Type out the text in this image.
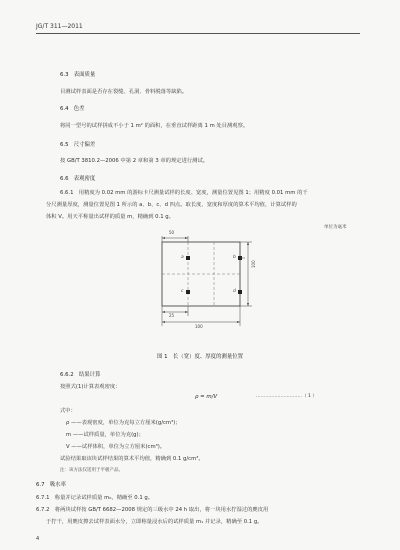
JG/T 311—2011
6.3 表面质量
目测试样表面是否存在裂缝、孔洞、骨料脱落等缺陷。
6.4 色差
将同一型号的试样拼成不小于 1 m² 的面积，在垂直试样距离 1 m 处目测观察。
6.5 尺寸偏差
按 GB/T 3810.2—2006 中第 2 章和第 3 章的规定进行测试。
6.6 表观密度
6.6.1　用精度为 0.02 mm 的游标卡尺测量试样的长度、宽度，测量位置见图 1；用精度 0.01 mm 的千
分尺测量厚度，测量位置见图 1 所示的 a、b、c、d 四点。取长度、宽度和厚度的算术平均值，计算试样的
体积 V。用天平称量出试样的质量 m，精确到 0.1 g。
单位为毫米
a	b
c	d
50
100
100
25
图 1　长（宽）度、厚度的测量位置
6.6.2 结果计算
按照式(1)计算表观密度：
ρ = m/V	…………………………（ 1 ）
式中：
ρ ——表观密度，单位为克每立方厘米(g/cm³)；
m ——试样质量，单位为克(g)；
V ——试样体积，单位为立方厘米(cm³)。
试验结果取该块试样结果的算术平均值，精确到 0.1 g/cm³。
注：该方法仅适用于平板产品。
6.7 吸水率
6.7.1　称量并记录试样质量 m₀，精确至 0.1 g。
6.7.2　将两块试样按 GB/T 6682—2008 规定的三级水中 24 h 取出，将一块用水拧湿过的麂皮用
于拧干，用麂皮擦去试样表面水分，立即称量浸水后的试样质量 m₁ 并记录，精确至 0.1 g。
4
